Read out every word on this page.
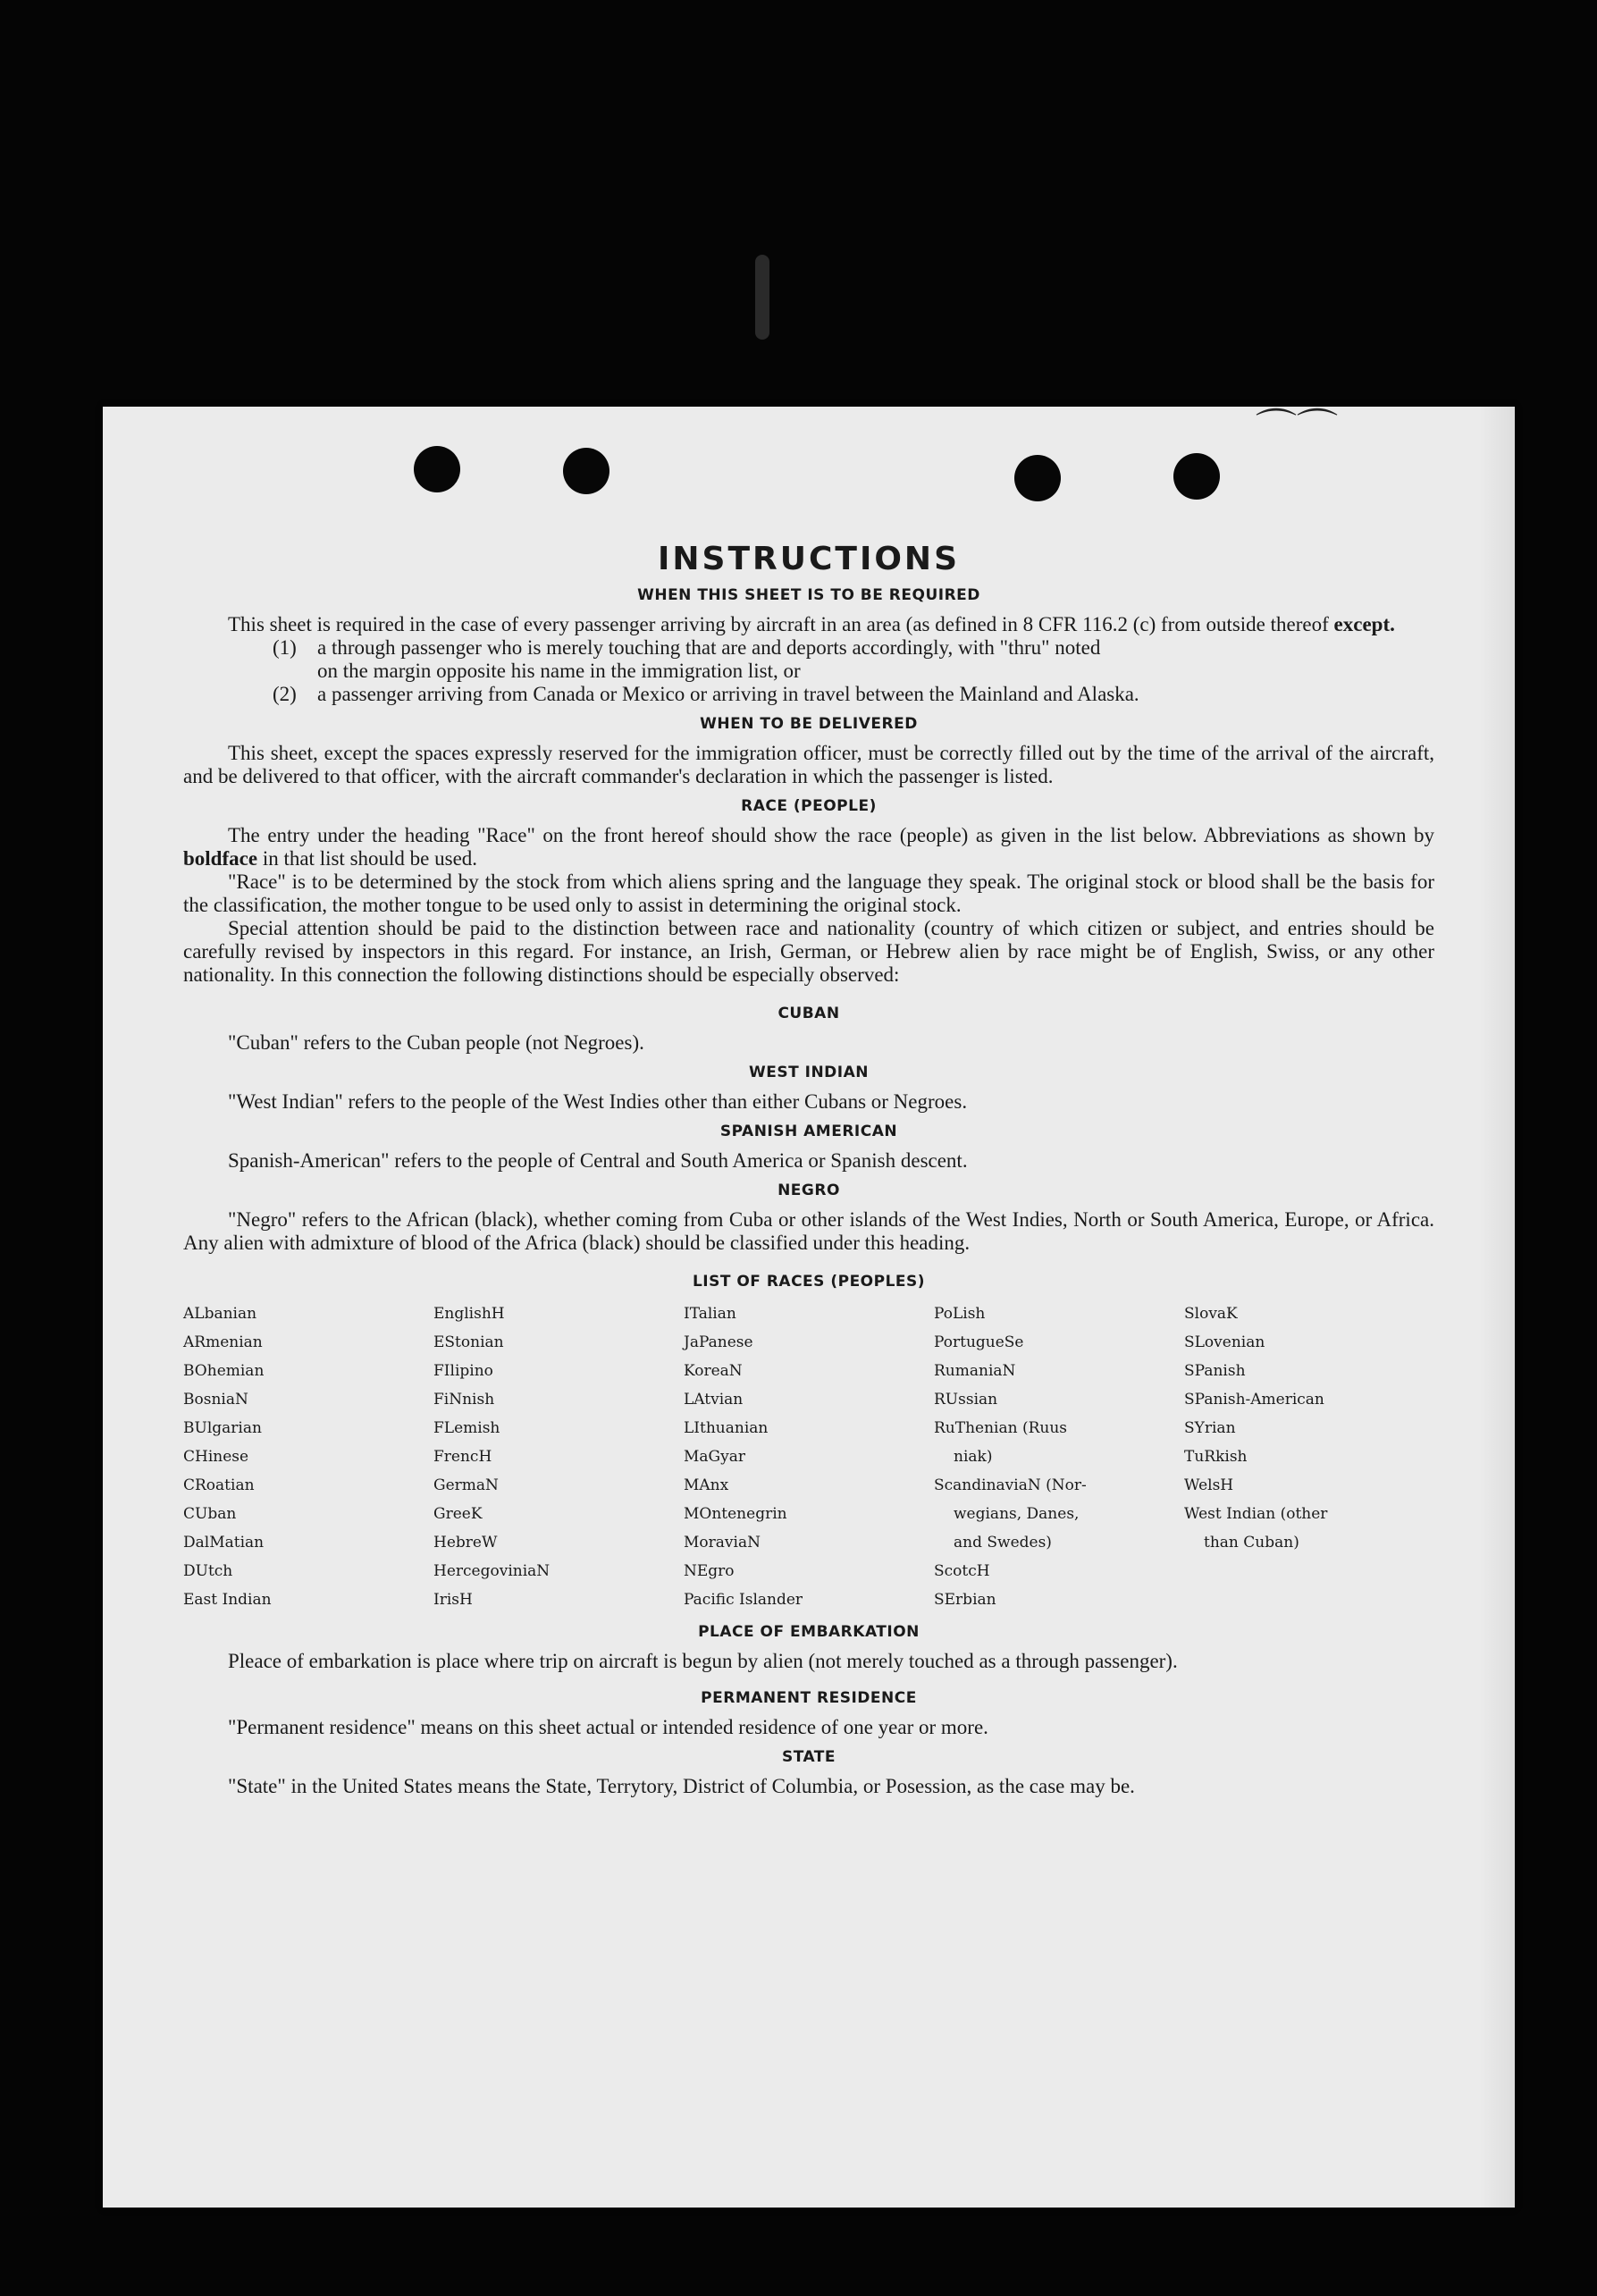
⌒⌒
INSTRUCTIONS
WHEN THIS SHEET IS TO BE REQUIRED

This sheet is required in the case of every passenger arriving by aircraft in an area (as defined in 8 CFR 116.2 (c) from outside thereof except.

(1) a through passenger who is merely touching that are and deports accordingly, with "thru" noted
on the margin opposite his name in the immigration list, or
(2) a passenger arriving from Canada or Mexico or arriving in travel between the Mainland and Alaska.
WHEN TO BE DELIVERED

This sheet, except the spaces expressly reserved for the immigration officer, must be correctly filled out by the time of the arrival of the aircraft, and be delivered to that officer, with the aircraft commander's declaration in which the passenger is listed.

RACE (PEOPLE)

The entry under the heading "Race" on the front hereof should show the race (people) as given in the list below. Abbreviations as shown by boldface in that list should be used.

"Race" is to be determined by the stock from which aliens spring and the language they speak. The original stock or blood shall be the basis for the classification, the mother tongue to be used only to assist in determining the original stock.

Special attention should be paid to the distinction between race and nationality (country of which citizen or subject, and entries should be carefully revised by inspectors in this regard. For instance, an Irish, German, or Hebrew alien by race might be of English, Swiss, or any other nationality. In this connection the following distinctions should be especially observed:

CUBAN

"Cuban" refers to the Cuban people (not Negroes).

WEST INDIAN

"West Indian" refers to the people of the West Indies other than either Cubans or Negroes.

SPANISH AMERICAN

Spanish-American" refers to the people of Central and South America or Spanish descent.

NEGRO

"Negro" refers to the African (black), whether coming from Cuba or other islands of the West Indies, North or South America, Europe, or Africa. Any alien with admixture of blood of the Africa (black) should be classified under this heading.

LIST OF RACES (PEOPLES)
ALbanian
ARmenian
BOhemian
BosniaN
BUlgarian
CHinese
CRoatian
CUban
DalMatian
DUtch
East Indian
EnglishH
EStonian
FIlipino
FiNnish
FLemish
FrencH
GermaN
GreeK
HebreW
HercegoviniaN
IrisH
ITalian
JaPanese
KoreaN
LAtvian
LIthuanian
MaGyar
MAnx
MOntenegrin
MoraviaN
NEgro
Pacific Islander
PoLish
PortugueSe
RumaniaN
RUssian
RuThenian (Ruus
niak)
ScandinaviaN (Nor-
wegians, Danes,
and Swedes)
ScotcH
SErbian
SlovaK
SLovenian
SPanish
SPanish-American
SYrian
TuRkish
WelsH
West Indian (other
than Cuban)
PLACE OF EMBARKATION

Pleace of embarkation is place where trip on aircraft is begun by alien (not merely touched as a through passenger).

PERMANENT RESIDENCE

"Permanent residence" means on this sheet actual or intended residence of one year or more.

STATE

"State" in the United States means the State, Terrytory, District of Columbia, or Posession, as the case may be.
